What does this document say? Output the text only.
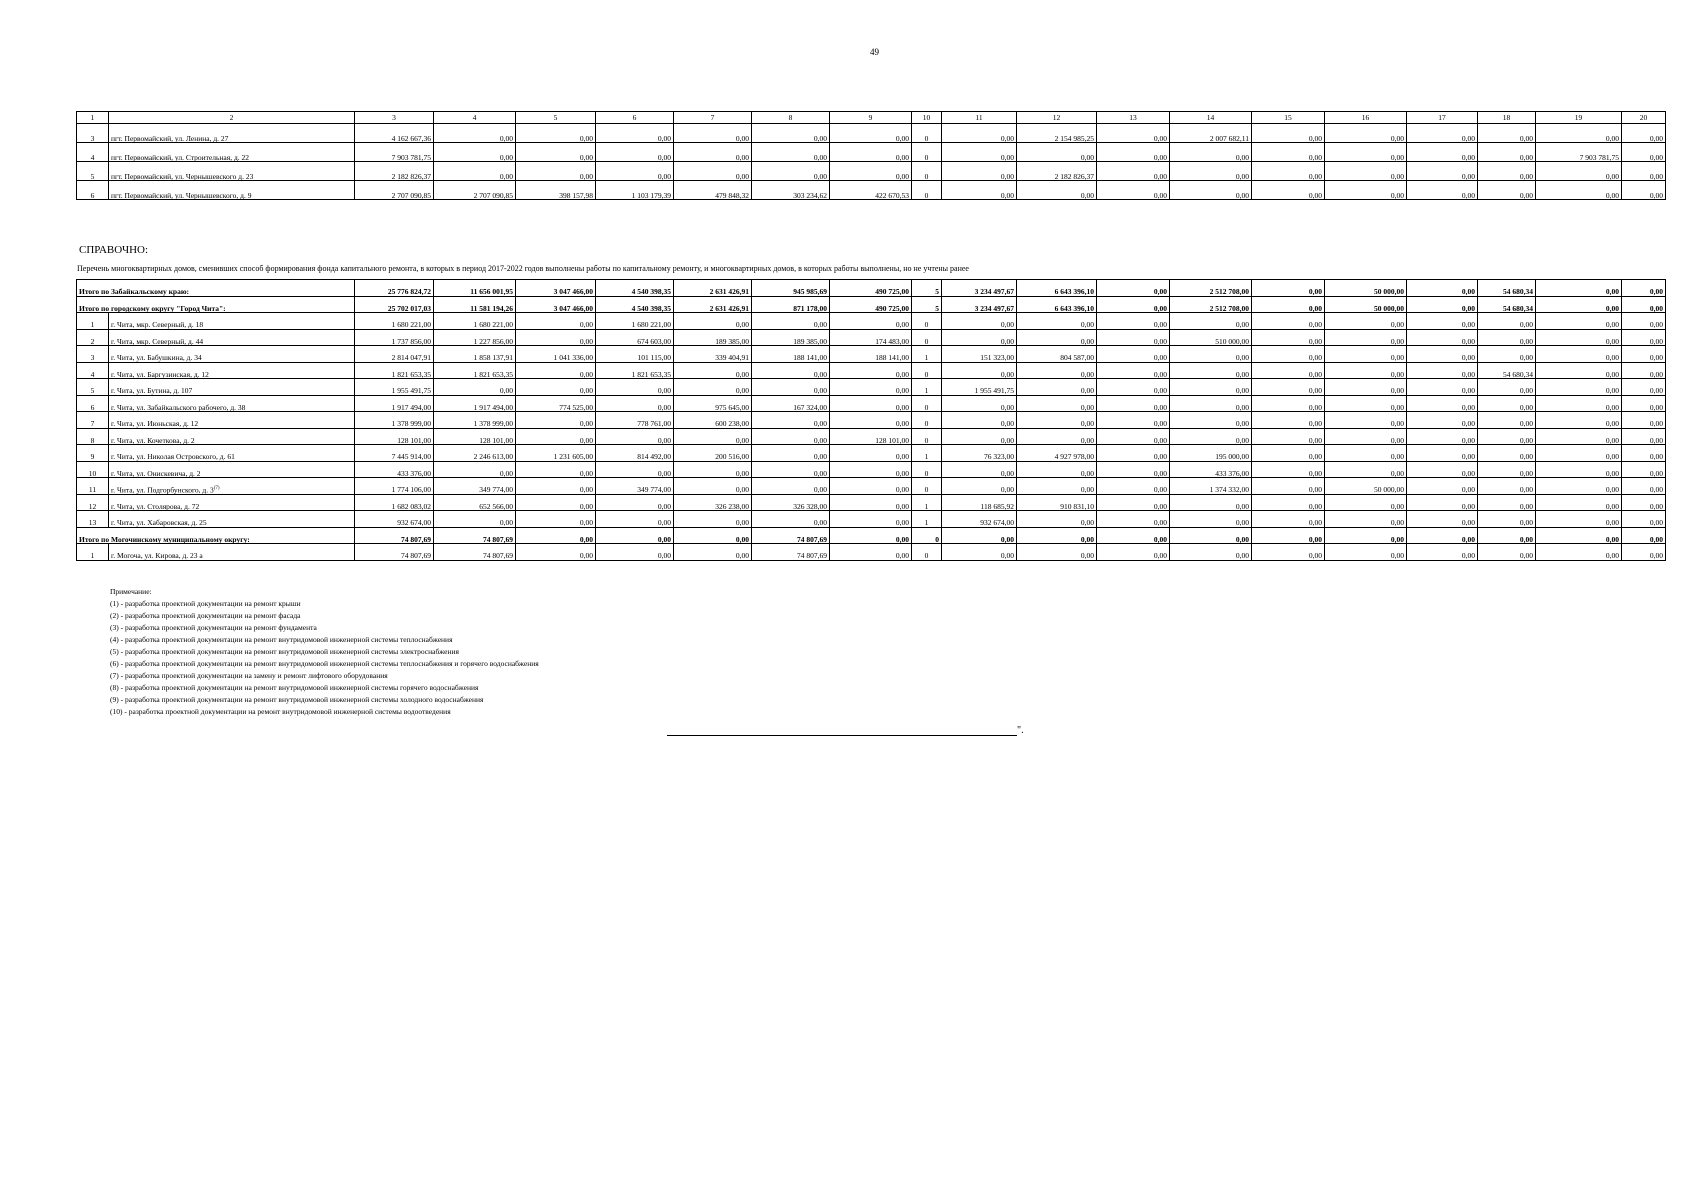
49
1	2	3	4	5	6	7	8	9	10	11	12	13	14	15	16	17	18	19	20
3	пгт. Первомайский, ул. Ленина, д. 27	4 162 667,36	0,00	0,00	0,00	0,00	0,00	0,00	0	0,00	2 154 985,25	0,00	2 007 682,11	0,00	0,00	0,00	0,00	0,00	0,00
4	пгт. Первомайский, ул. Строительная, д. 22	7 903 781,75	0,00	0,00	0,00	0,00	0,00	0,00	0	0,00	0,00	0,00	0,00	0,00	0,00	0,00	0,00	7 903 781,75	0,00
5	пгт. Первомайский, ул. Чернышевского д. 23	2 182 826,37	0,00	0,00	0,00	0,00	0,00	0,00	0	0,00	2 182 826,37	0,00	0,00	0,00	0,00	0,00	0,00	0,00	0,00
6	пгт. Первомайский, ул. Чернышевского, д. 9	2 707 090,85	2 707 090,85	398 157,98	1 103 179,39	479 848,32	303 234,62	422 670,53	0	0,00	0,00	0,00	0,00	0,00	0,00	0,00	0,00	0,00	0,00
СПРАВОЧНО:
Перечень многоквартирных домов, сменивших способ формирования фонда капитального ремонта, в которых в период 2017-2022 годов выполнены работы по капитальному ремонту, и многоквартирных домов, в которых работы выполнены, но не учтены ранее
Итого по Забайкальскому краю:		25 776 824,72	11 656 001,95	3 047 466,00	4 540 398,35	2 631 426,91	945 985,69	490 725,00	5	3 234 497,67	6 643 396,10	0,00	2 512 708,00	0,00	50 000,00	0,00	54 680,34	0,00	0,00
Итого по городскому округу "Город Чита":		25 702 017,03	11 581 194,26	3 047 466,00	4 540 398,35	2 631 426,91	871 178,00	490 725,00	5	3 234 497,67	6 643 396,10	0,00	2 512 708,00	0,00	50 000,00	0,00	54 680,34	0,00	0,00
1	г. Чита, мкр. Северный, д. 18	1 680 221,00	1 680 221,00	0,00	1 680 221,00	0,00	0,00	0,00	0	0,00	0,00	0,00	0,00	0,00	0,00	0,00	0,00	0,00	0,00
2	г. Чита, мкр. Северный, д. 44	1 737 856,00	1 227 856,00	0,00	674 603,00	189 385,00	189 385,00	174 483,00	0	0,00	0,00	0,00	510 000,00	0,00	0,00	0,00	0,00	0,00	0,00
3	г. Чита, ул. Бабушкина, д. 34	2 814 047,91	1 858 137,91	1 041 336,00	101 115,00	339 404,91	188 141,00	188 141,00	1	151 323,00	804 587,00	0,00	0,00	0,00	0,00	0,00	0,00	0,00	0,00
4	г. Чита, ул. Баргузинская, д. 12	1 821 653,35	1 821 653,35	0,00	1 821 653,35	0,00	0,00	0,00	0	0,00	0,00	0,00	0,00	0,00	0,00	0,00	54 680,34	0,00	0,00
5	г. Чита, ул. Бутина, д. 107	1 955 491,75	0,00	0,00	0,00	0,00	0,00	0,00	1	1 955 491,75	0,00	0,00	0,00	0,00	0,00	0,00	0,00	0,00	0,00
6	г. Чита, ул. Забайкальского рабочего, д. 38	1 917 494,00	1 917 494,00	774 525,00	0,00	975 645,00	167 324,00	0,00	0	0,00	0,00	0,00	0,00	0,00	0,00	0,00	0,00	0,00	0,00
7	г. Чита, ул. Июньская, д. 12	1 378 999,00	1 378 999,00	0,00	778 761,00	600 238,00	0,00	0,00	0	0,00	0,00	0,00	0,00	0,00	0,00	0,00	0,00	0,00	0,00
8	г. Чита, ул. Кочеткова, д. 2	128 101,00	128 101,00	0,00	0,00	0,00	0,00	128 101,00	0	0,00	0,00	0,00	0,00	0,00	0,00	0,00	0,00	0,00	0,00
9	г. Чита, ул. Николая Островского, д. 61	7 445 914,00	2 246 613,00	1 231 605,00	814 492,00	200 516,00	0,00	0,00	1	76 323,00	4 927 978,00	0,00	195 000,00	0,00	0,00	0,00	0,00	0,00	0,00
10	г. Чита, ул. Онискевича, д. 2	433 376,00	0,00	0,00	0,00	0,00	0,00	0,00	0	0,00	0,00	0,00	433 376,00	0,00	0,00	0,00	0,00	0,00	0,00
11	г. Чита, ул. Подгорбунского, д. 3$^{(7)}$	1 774 106,00	349 774,00	0,00	349 774,00	0,00	0,00	0,00	0	0,00	0,00	0,00	1 374 332,00	0,00	50 000,00	0,00	0,00	0,00	0,00
12	г. Чита, ул. Столярова, д. 72	1 682 083,02	652 566,00	0,00	0,00	326 238,00	326 328,00	0,00	1	118 685,92	910 831,10	0,00	0,00	0,00	0,00	0,00	0,00	0,00	0,00
13	г. Чита, ул. Хабаровская, д. 25	932 674,00	0,00	0,00	0,00	0,00	0,00	0,00	1	932 674,00	0,00	0,00	0,00	0,00	0,00	0,00	0,00	0,00	0,00
Итого по Могочинскому муниципальному округу:		74 807,69	74 807,69	0,00	0,00	0,00	74 807,69	0,00	0	0,00	0,00	0,00	0,00	0,00	0,00	0,00	0,00	0,00	0,00
1	г. Могоча, ул. Кирова, д. 23 а	74 807,69	74 807,69	0,00	0,00	0,00	74 807,69	0,00	0	0,00	0,00	0,00	0,00	0,00	0,00	0,00	0,00	0,00	0,00
Примечание:
(1) - разработка проектной документации на ремонт крыши
(2) - разработка проектной документации на ремонт фасада
(3) - разработка проектной документации на ремонт фундамента
(4) - разработка проектной документации на ремонт внутридомовой инженерной системы теплоснабжения
(5) - разработка проектной документации на ремонт внутридомовой инженерной системы электроснабжения
(6) - разработка проектной документации на ремонт внутридомовой инженерной системы теплоснабжения и горячего водоснабжения
(7) - разработка проектной документации на замену и ремонт лифтового оборудования
(8) - разработка проектной документации на ремонт внутридомовой инженерной системы горячего водоснабжения
(9) - разработка проектной документации на ремонт внутридомовой инженерной системы холодного водоснабжения
(10) - разработка проектной документации на ремонт внутридомовой инженерной системы водоотведения
".
